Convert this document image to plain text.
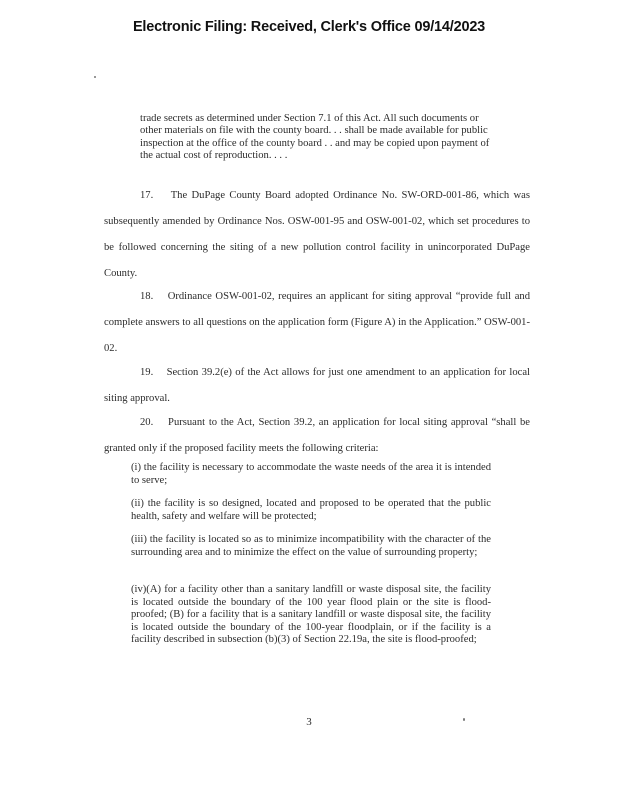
Electronic Filing: Received, Clerk's Office 09/14/2023
trade secrets as determined under Section 7.1 of this Act. All such documents or other materials on file with the county board. . . shall be made available for public inspection at the office of the county board . . and may be copied upon payment of the actual cost of reproduction. . . .
17. The DuPage County Board adopted Ordinance No. SW-ORD-001-86, which was subsequently amended by Ordinance Nos. OSW-001-95 and OSW-001-02, which set procedures to be followed concerning the siting of a new pollution control facility in unincorporated DuPage County.
18. Ordinance OSW-001-02, requires an applicant for siting approval “provide full and complete answers to all questions on the application form (Figure A) in the Application.” OSW-001-02.
19. Section 39.2(e) of the Act allows for just one amendment to an application for local siting approval.
20. Pursuant to the Act, Section 39.2, an application for local siting approval “shall be granted only if the proposed facility meets the following criteria:
(i) the facility is necessary to accommodate the waste needs of the area it is intended to serve;
(ii) the facility is so designed, located and proposed to be operated that the public health, safety and welfare will be protected;
(iii) the facility is located so as to minimize incompatibility with the character of the surrounding area and to minimize the effect on the value of surrounding property;
(iv)(A) for a facility other than a sanitary landfill or waste disposal site, the facility is located outside the boundary of the 100 year flood plain or the site is flood-proofed; (B) for a facility that is a sanitary landfill or waste disposal site, the facility is located outside the boundary of the 100-year floodplain, or if the facility is a facility described in subsection (b)(3) of Section 22.19a, the site is flood-proofed;
3
